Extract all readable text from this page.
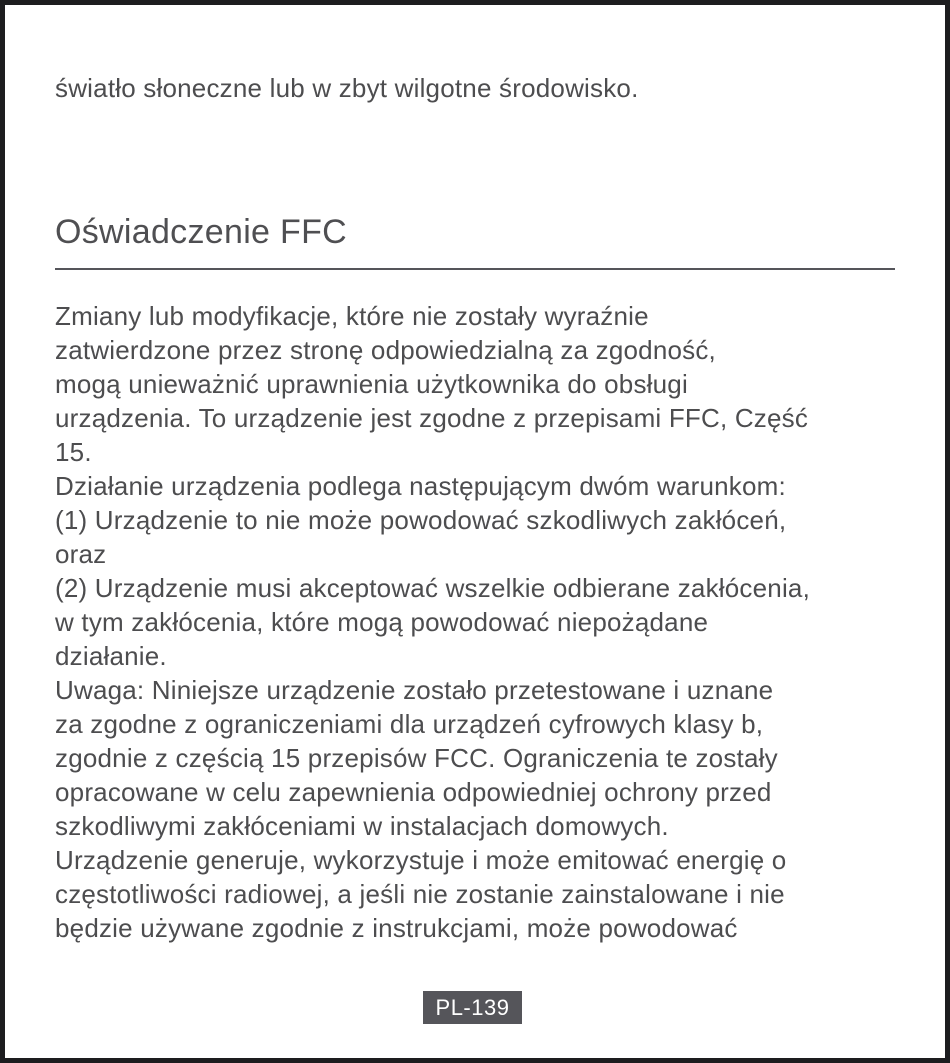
światło słoneczne lub w zbyt wilgotne środowisko.
Oświadczenie FFC
Zmiany lub modyfikacje, które nie zostały wyraźnie
zatwierdzone przez stronę odpowiedzialną za zgodność,
mogą unieważnić uprawnienia użytkownika do obsługi
urządzenia. To urządzenie jest zgodne z przepisami FFC, Część
15.
Działanie urządzenia podlega następującym dwóm warunkom:
(1) Urządzenie to nie może powodować szkodliwych zakłóceń,
oraz
(2) Urządzenie musi akceptować wszelkie odbierane zakłócenia,
w tym zakłócenia, które mogą powodować niepożądane
działanie.
Uwaga: Niniejsze urządzenie zostało przetestowane i uznane
za zgodne z ograniczeniami dla urządzeń cyfrowych klasy b,
zgodnie z częścią 15 przepisów FCC. Ograniczenia te zostały
opracowane w celu zapewnienia odpowiedniej ochrony przed
szkodliwymi zakłóceniami w instalacjach domowych.
Urządzenie generuje, wykorzystuje i może emitować energię o
częstotliwości radiowej, a jeśli nie zostanie zainstalowane i nie
będzie używane zgodnie z instrukcjami, może powodować
PL-139
